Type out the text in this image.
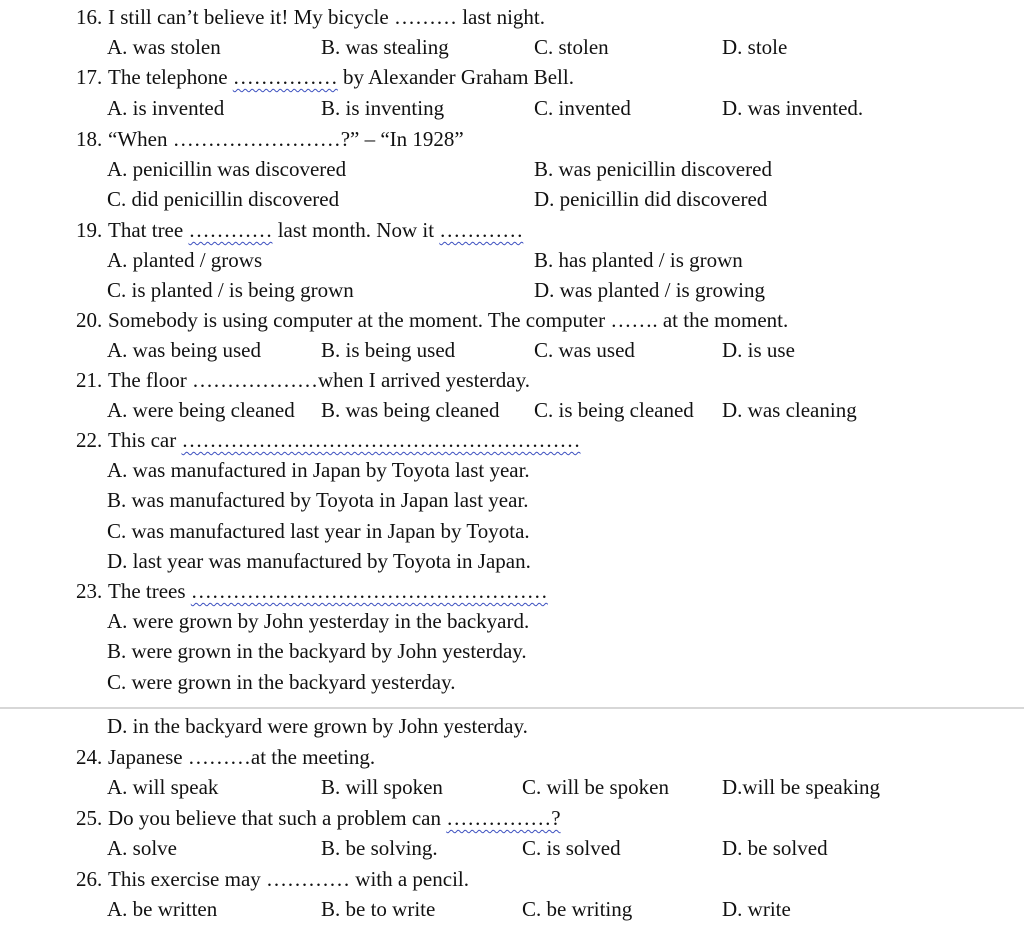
16. I still can’t believe it! My bicycle ……… last night.
A. was stolen	B. was stealing	C. stolen	D. stole
17. The telephone …………… by Alexander Graham Bell.
A. is invented	B. is inventing	C. invented	D. was invented.
18. “When ……………………?” – “In 1928”
A. penicillin was discovered	B. was penicillin discovered
C. did penicillin discovered	D. penicillin did discovered
19. That tree ………… last month. Now it …………
A. planted / grows	B. has planted / is grown
C. is planted / is being grown	D. was planted / is growing
20. Somebody is using computer at the moment. The computer ……. at the moment.
A. was being used	B. is being used	C. was used	D. is use
21. The floor ………………when I arrived yesterday.
A. were being cleaned B. was being cleaned C. is being cleaned D. was cleaning
22. This car …………………………………………………
A. was manufactured in Japan by Toyota last year.
B. was manufactured by Toyota in Japan last year.
C. was manufactured last year in Japan by Toyota.
D. last year was manufactured by Toyota in Japan.
23. The trees ……………………………………………
A. were grown by John yesterday in the backyard.
B. were grown in the backyard by John yesterday.
C. were grown in the backyard yesterday.
D. in the backyard were grown by John yesterday.
24. Japanese ………at the meeting.
A. will speak	B. will spoken	C. will be spoken	D.will be speaking
25. Do you believe that such a problem can ……………?
A. solve	B. be solving.	C. is solved	D. be solved
26. This exercise may ………… with a pencil.
A. be written	B. be to write	C. be writing	D. write
